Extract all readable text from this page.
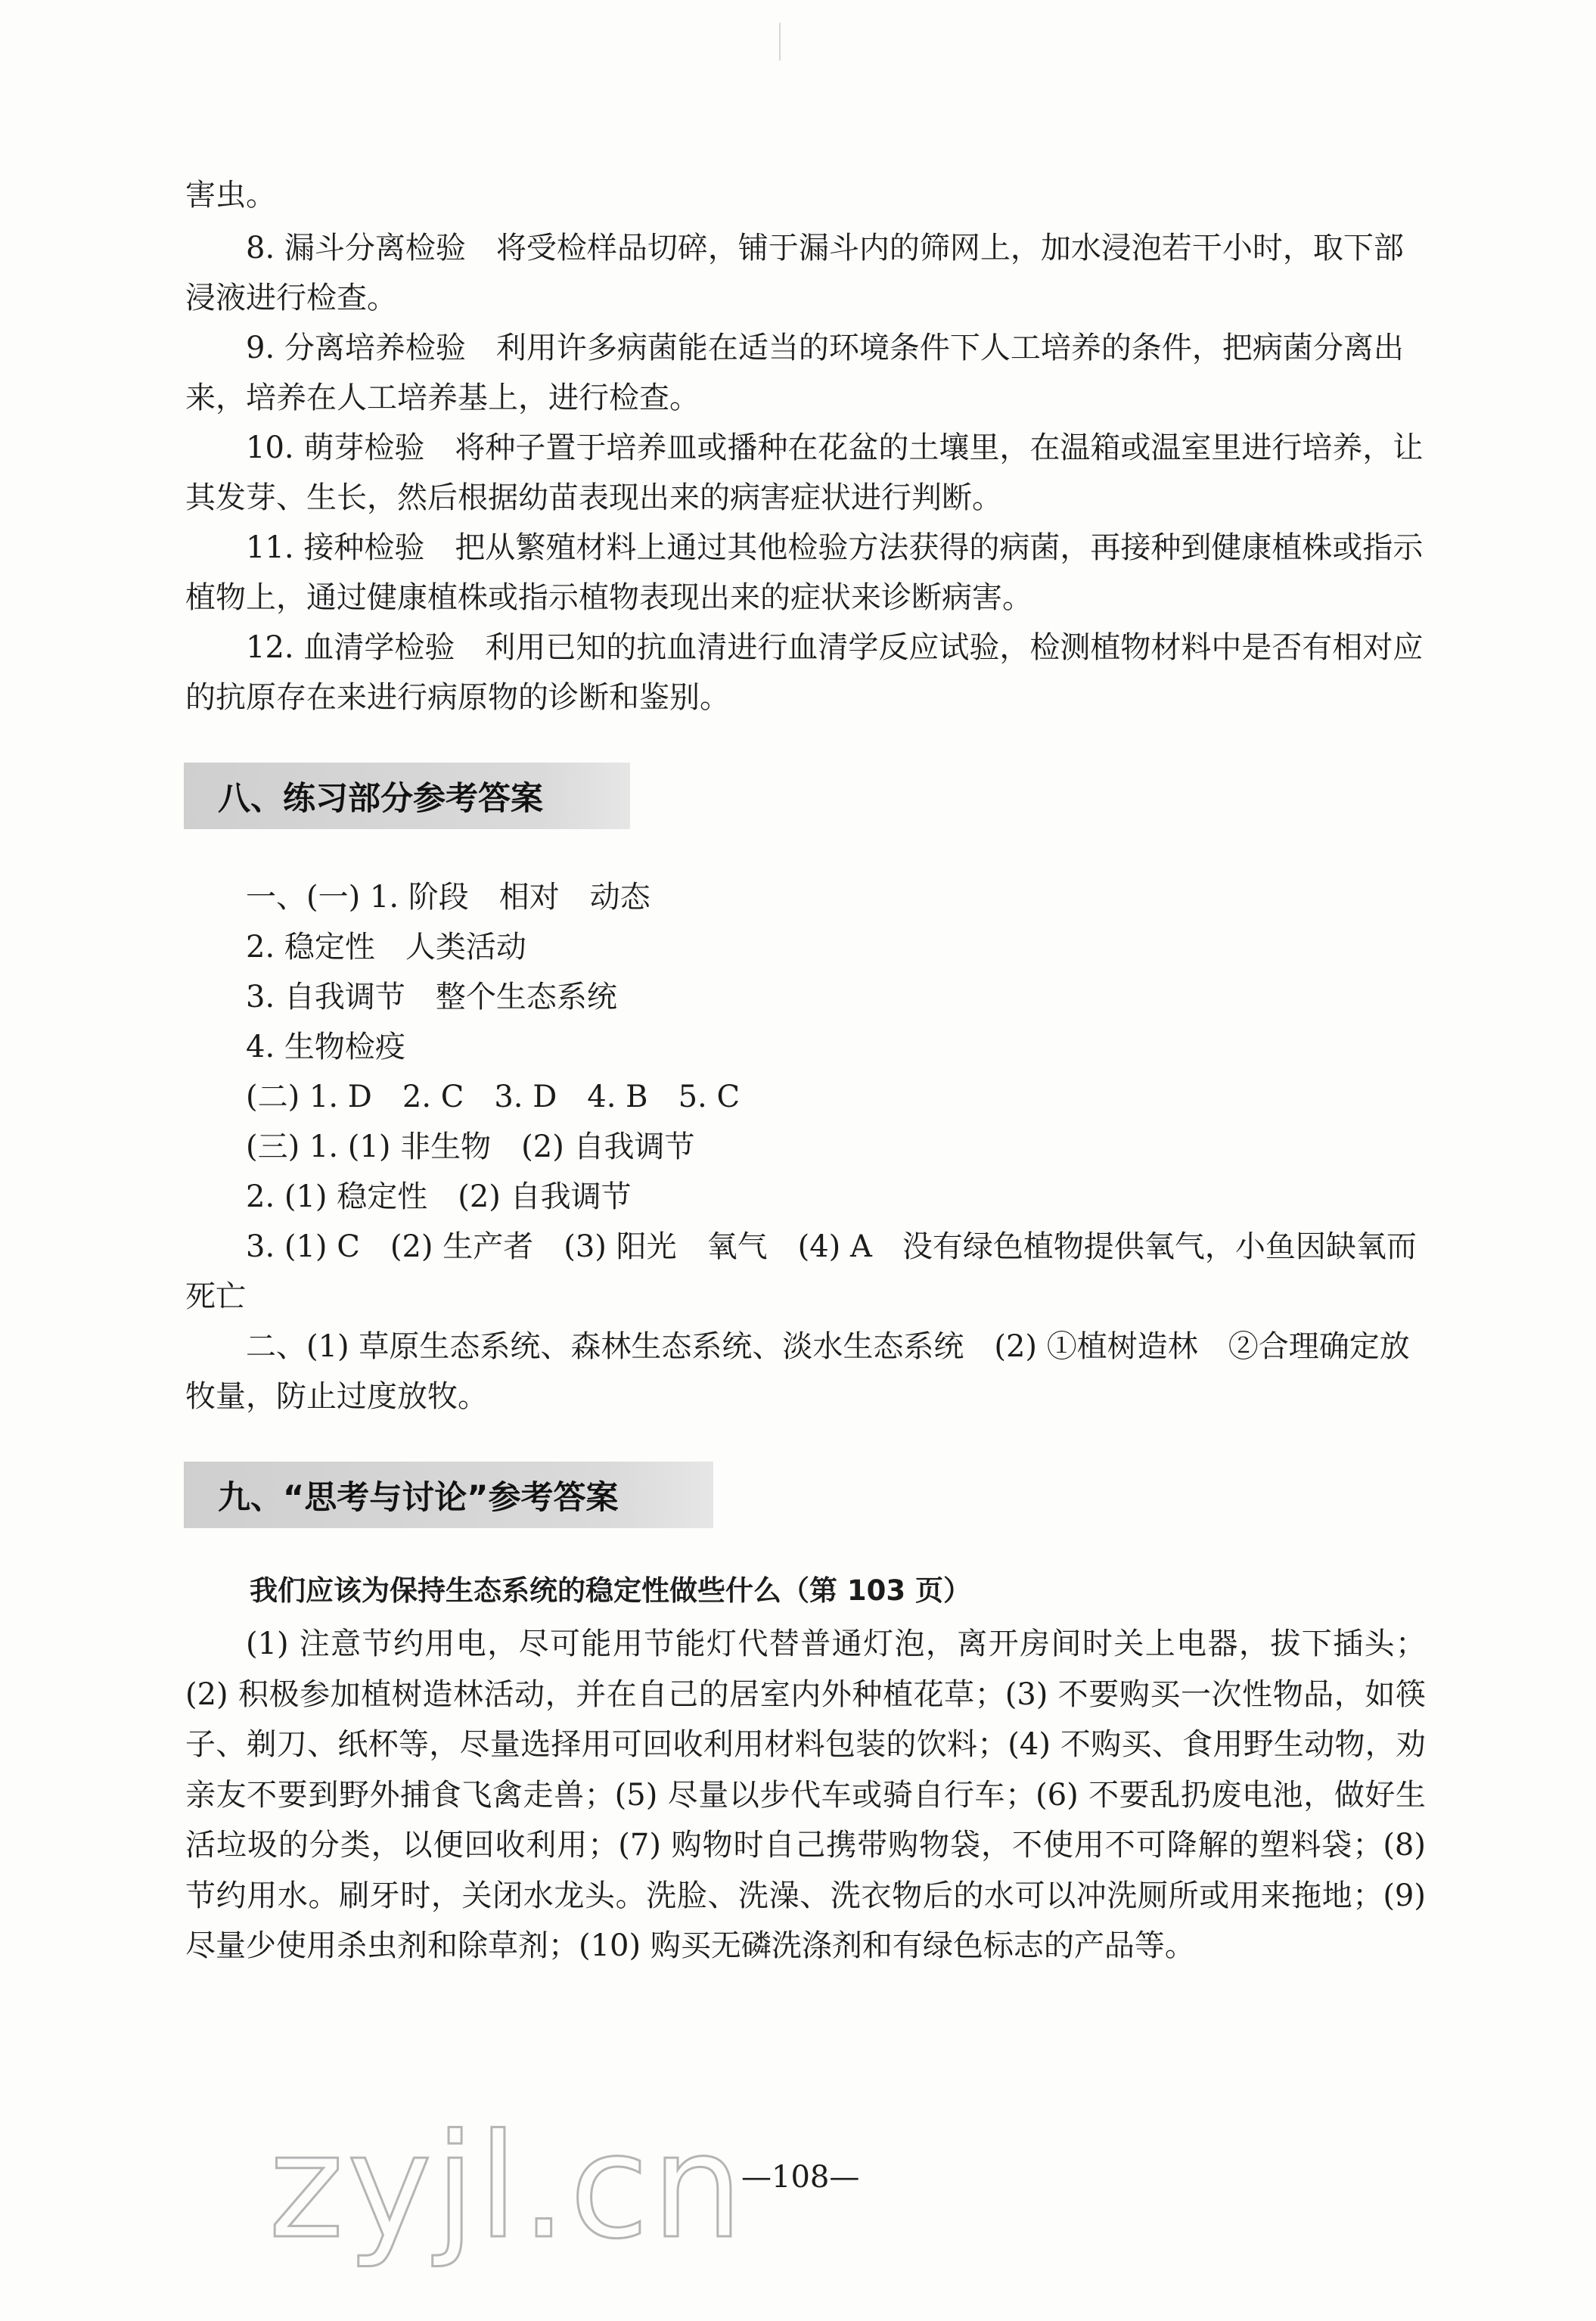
害虫。

8. 漏斗分离检验　将受检样品切碎，铺于漏斗内的筛网上，加水浸泡若干小时，取下部浸液进行检查。

9. 分离培养检验　利用许多病菌能在适当的环境条件下人工培养的条件，把病菌分离出来，培养在人工培养基上，进行检查。

10. 萌芽检验　将种子置于培养皿或播种在花盆的土壤里，在温箱或温室里进行培养，让其发芽、生长，然后根据幼苗表现出来的病害症状进行判断。

11. 接种检验　把从繁殖材料上通过其他检验方法获得的病菌，再接种到健康植株或指示植物上，通过健康植株或指示植物表现出来的症状来诊断病害。

12. 血清学检验　利用已知的抗血清进行血清学反应试验，检测植物材料中是否有相对应的抗原存在来进行病原物的诊断和鉴别。

八、练习部分参考答案
一、(一) 1. 阶段　相对　动态
2. 稳定性　人类活动
3. 自我调节　整个生态系统
4. 生物检疫
(二) 1. D　2. C　3. D　4. B　5. C
(三) 1. (1) 非生物　(2) 自我调节
2. (1) 稳定性　(2) 自我调节

3. (1) C　(2) 生产者　(3) 阳光　氧气　(4) A　没有绿色植物提供氧气，小鱼因缺氧而死亡

二、(1) 草原生态系统、森林生态系统、淡水生态系统　(2) ①植树造林　②合理确定放牧量，防止过度放牧。

九、“思考与讨论”参考答案
我们应该为保持生态系统的稳定性做些什么（第 103 页）

(1) 注意节约用电，尽可能用节能灯代替普通灯泡，离开房间时关上电器，拔下插头；(2) 积极参加植树造林活动，并在自己的居室内外种植花草；(3) 不要购买一次性物品，如筷子、剃刀、纸杯等，尽量选择用可回收利用材料包装的饮料；(4) 不购买、食用野生动物，劝亲友不要到野外捕食飞禽走兽；(5) 尽量以步代车或骑自行车；(6) 不要乱扔废电池，做好生活垃圾的分类，以便回收利用；(7) 购物时自己携带购物袋，不使用不可降解的塑料袋；(8) 节约用水。刷牙时，关闭水龙头。洗脸、洗澡、洗衣物后的水可以冲洗厕所或用来拖地；(9) 尽量少使用杀虫剂和除草剂；(10) 购买无磷洗涤剂和有绿色标志的产品等。

—108—
zyjl.cn
